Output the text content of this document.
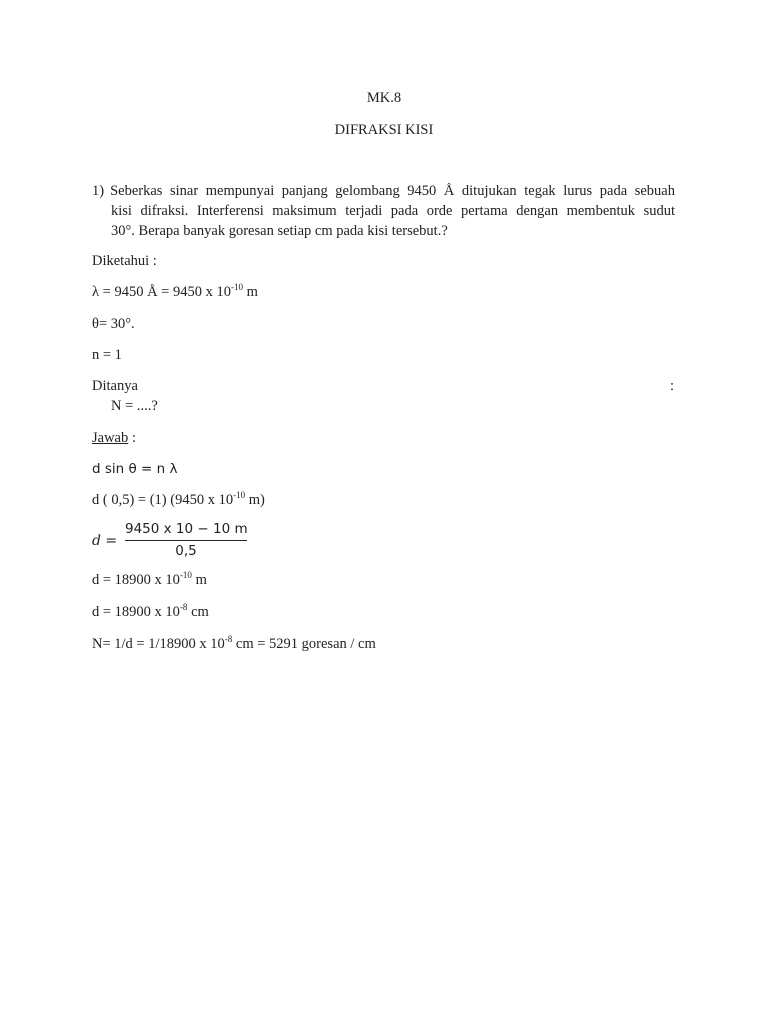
MK.8
DIFRAKSI KISI
1) Seberkas sinar mempunyai panjang gelombang 9450 Å ditujukan tegak lurus pada sebuah
kisi difraksi. Interferensi maksimum terjadi pada orde pertama dengan membentuk sudut
30°. Berapa banyak goresan setiap cm pada kisi tersebut.?
Diketahui :
λ = 9450 Å = 9450 x $10^{-10}$ m
θ= 30°.
n = 1
Ditanya	:
N = ....?
Jawab :
d sin θ = n λ
d ( 0,5) = (1) (9450 x $10^{-10}$ m)
d =
9450 x 10 − 10 m
0,5
d = 18900 x $10^{-10}$ m
d = 18900 x $10^{-8}$ cm
N= 1/d = 1/18900 x $10^{-8}$ cm = 5291 goresan / cm
